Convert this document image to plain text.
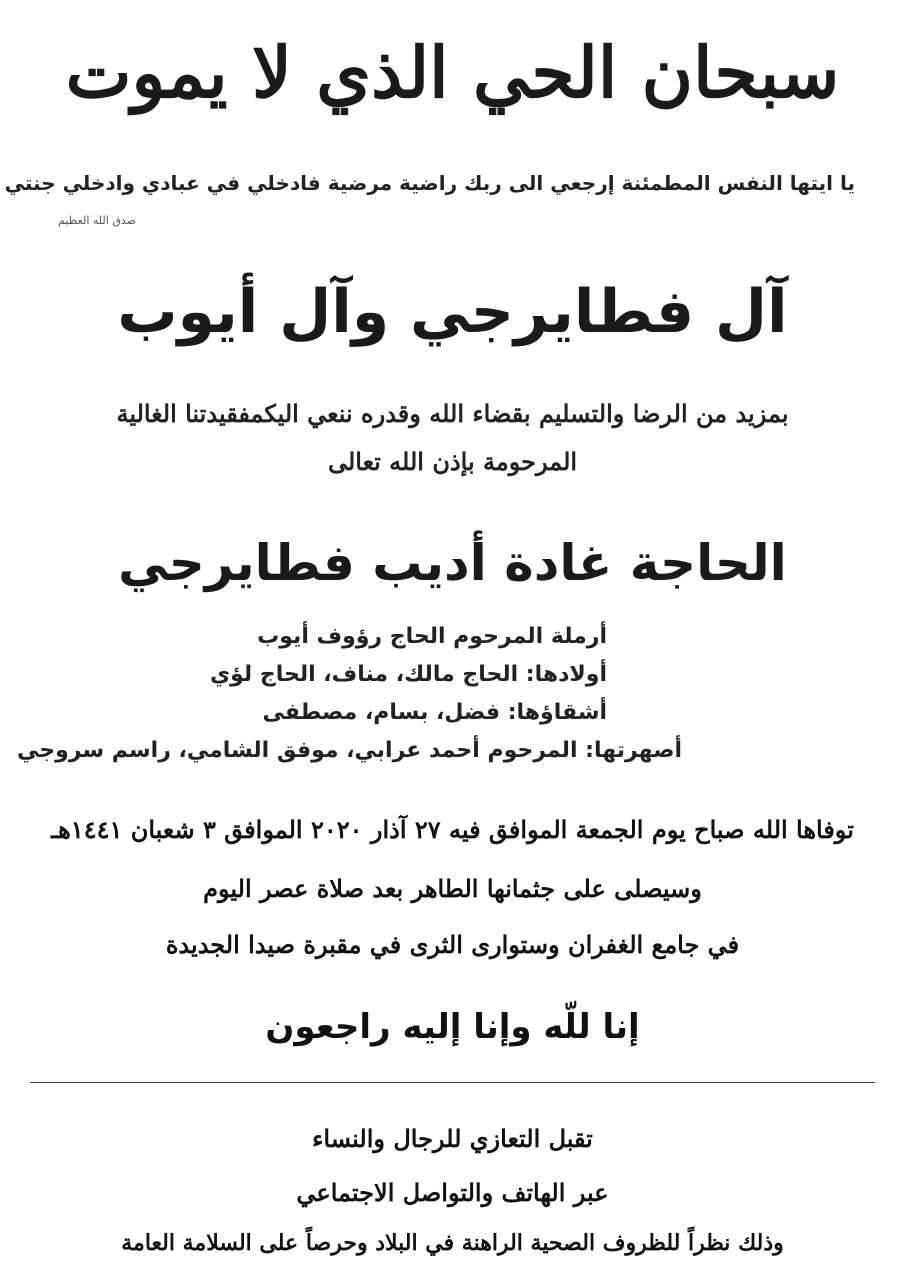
سبحان الحي الذي لا يموت
يا ايتها النفس المطمئنة إرجعي الى ربك راضية مرضية فادخلي في عبادي وادخلي جنتي
صدق الله العظيم
آل فطايرجي وآل أيوب
بمزيد من الرضا والتسليم بقضاء الله وقدره ننعي اليكمفقيدتنا الغالية
المرحومة بإذن الله تعالى
الحاجة غادة أديب فطايرجي
أرملة المرحوم الحاج رؤوف أيوب
أولادها: الحاج مالك، مناف، الحاج لؤي
أشقاؤها: فضل، بسام، مصطفى
أصهرتها: المرحوم أحمد عرابي، موفق الشامي، راسم سروجي
توفاها الله صباح يوم الجمعة الموافق فيه ٢٧ آذار ٢٠٢٠ الموافق ٣ شعبان ١٤٤١هـ
وسيصلى على جثمانها الطاهر بعد صلاة عصر اليوم
في جامع الغفران وستوارى الثرى في مقبرة صيدا الجديدة
إنا للّه وإنا إليه راجعون
تقبل التعازي للرجال والنساء
عبر الهاتف والتواصل الاجتماعي
وذلك نظراً للظروف الصحية الراهنة في البلاد وحرصاً على السلامة العامة
